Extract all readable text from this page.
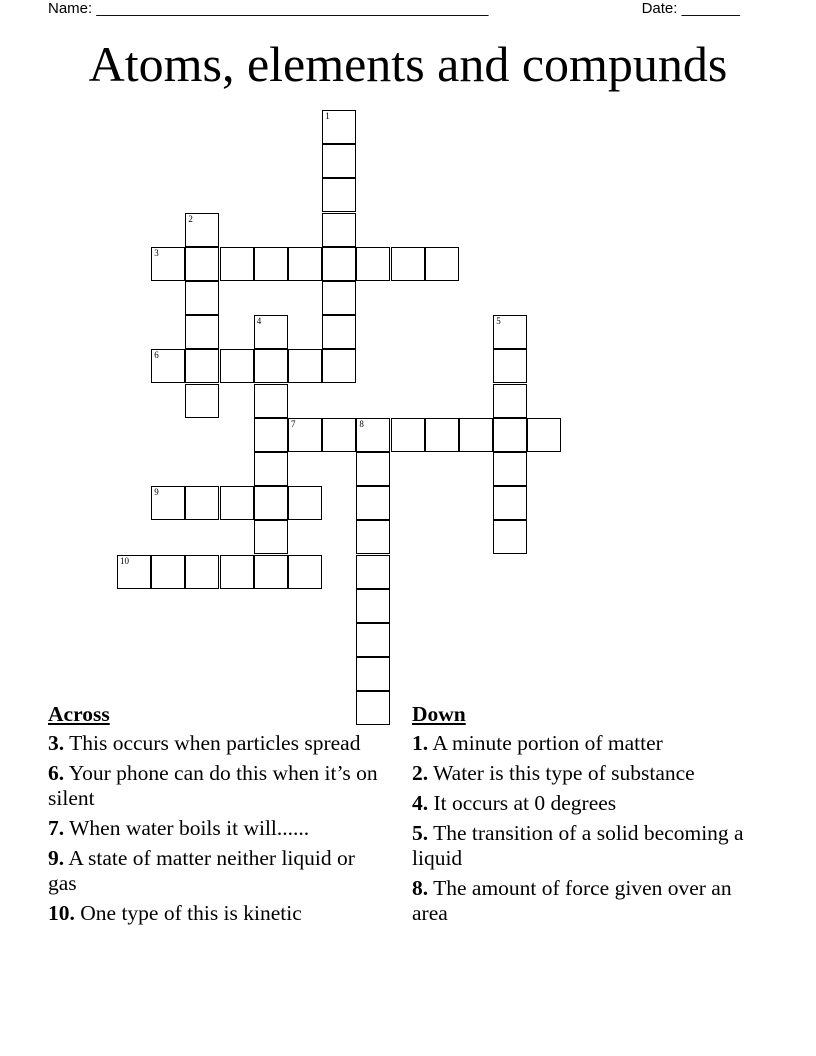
Name: _______________________________________________	Date: _______
Atoms, elements and compunds
1
2
3
4	5
6
7	8
9
10
Across
3. This occurs when particles spread
6. Your phone can do this when it’s on silent
7. When water boils it will......
9. A state of matter neither liquid or gas
10. One type of this is kinetic
Down
1. A minute portion of matter
2. Water is this type of substance
4. It occurs at 0 degrees
5. The transition of a solid becoming a liquid
8. The amount of force given over an area
